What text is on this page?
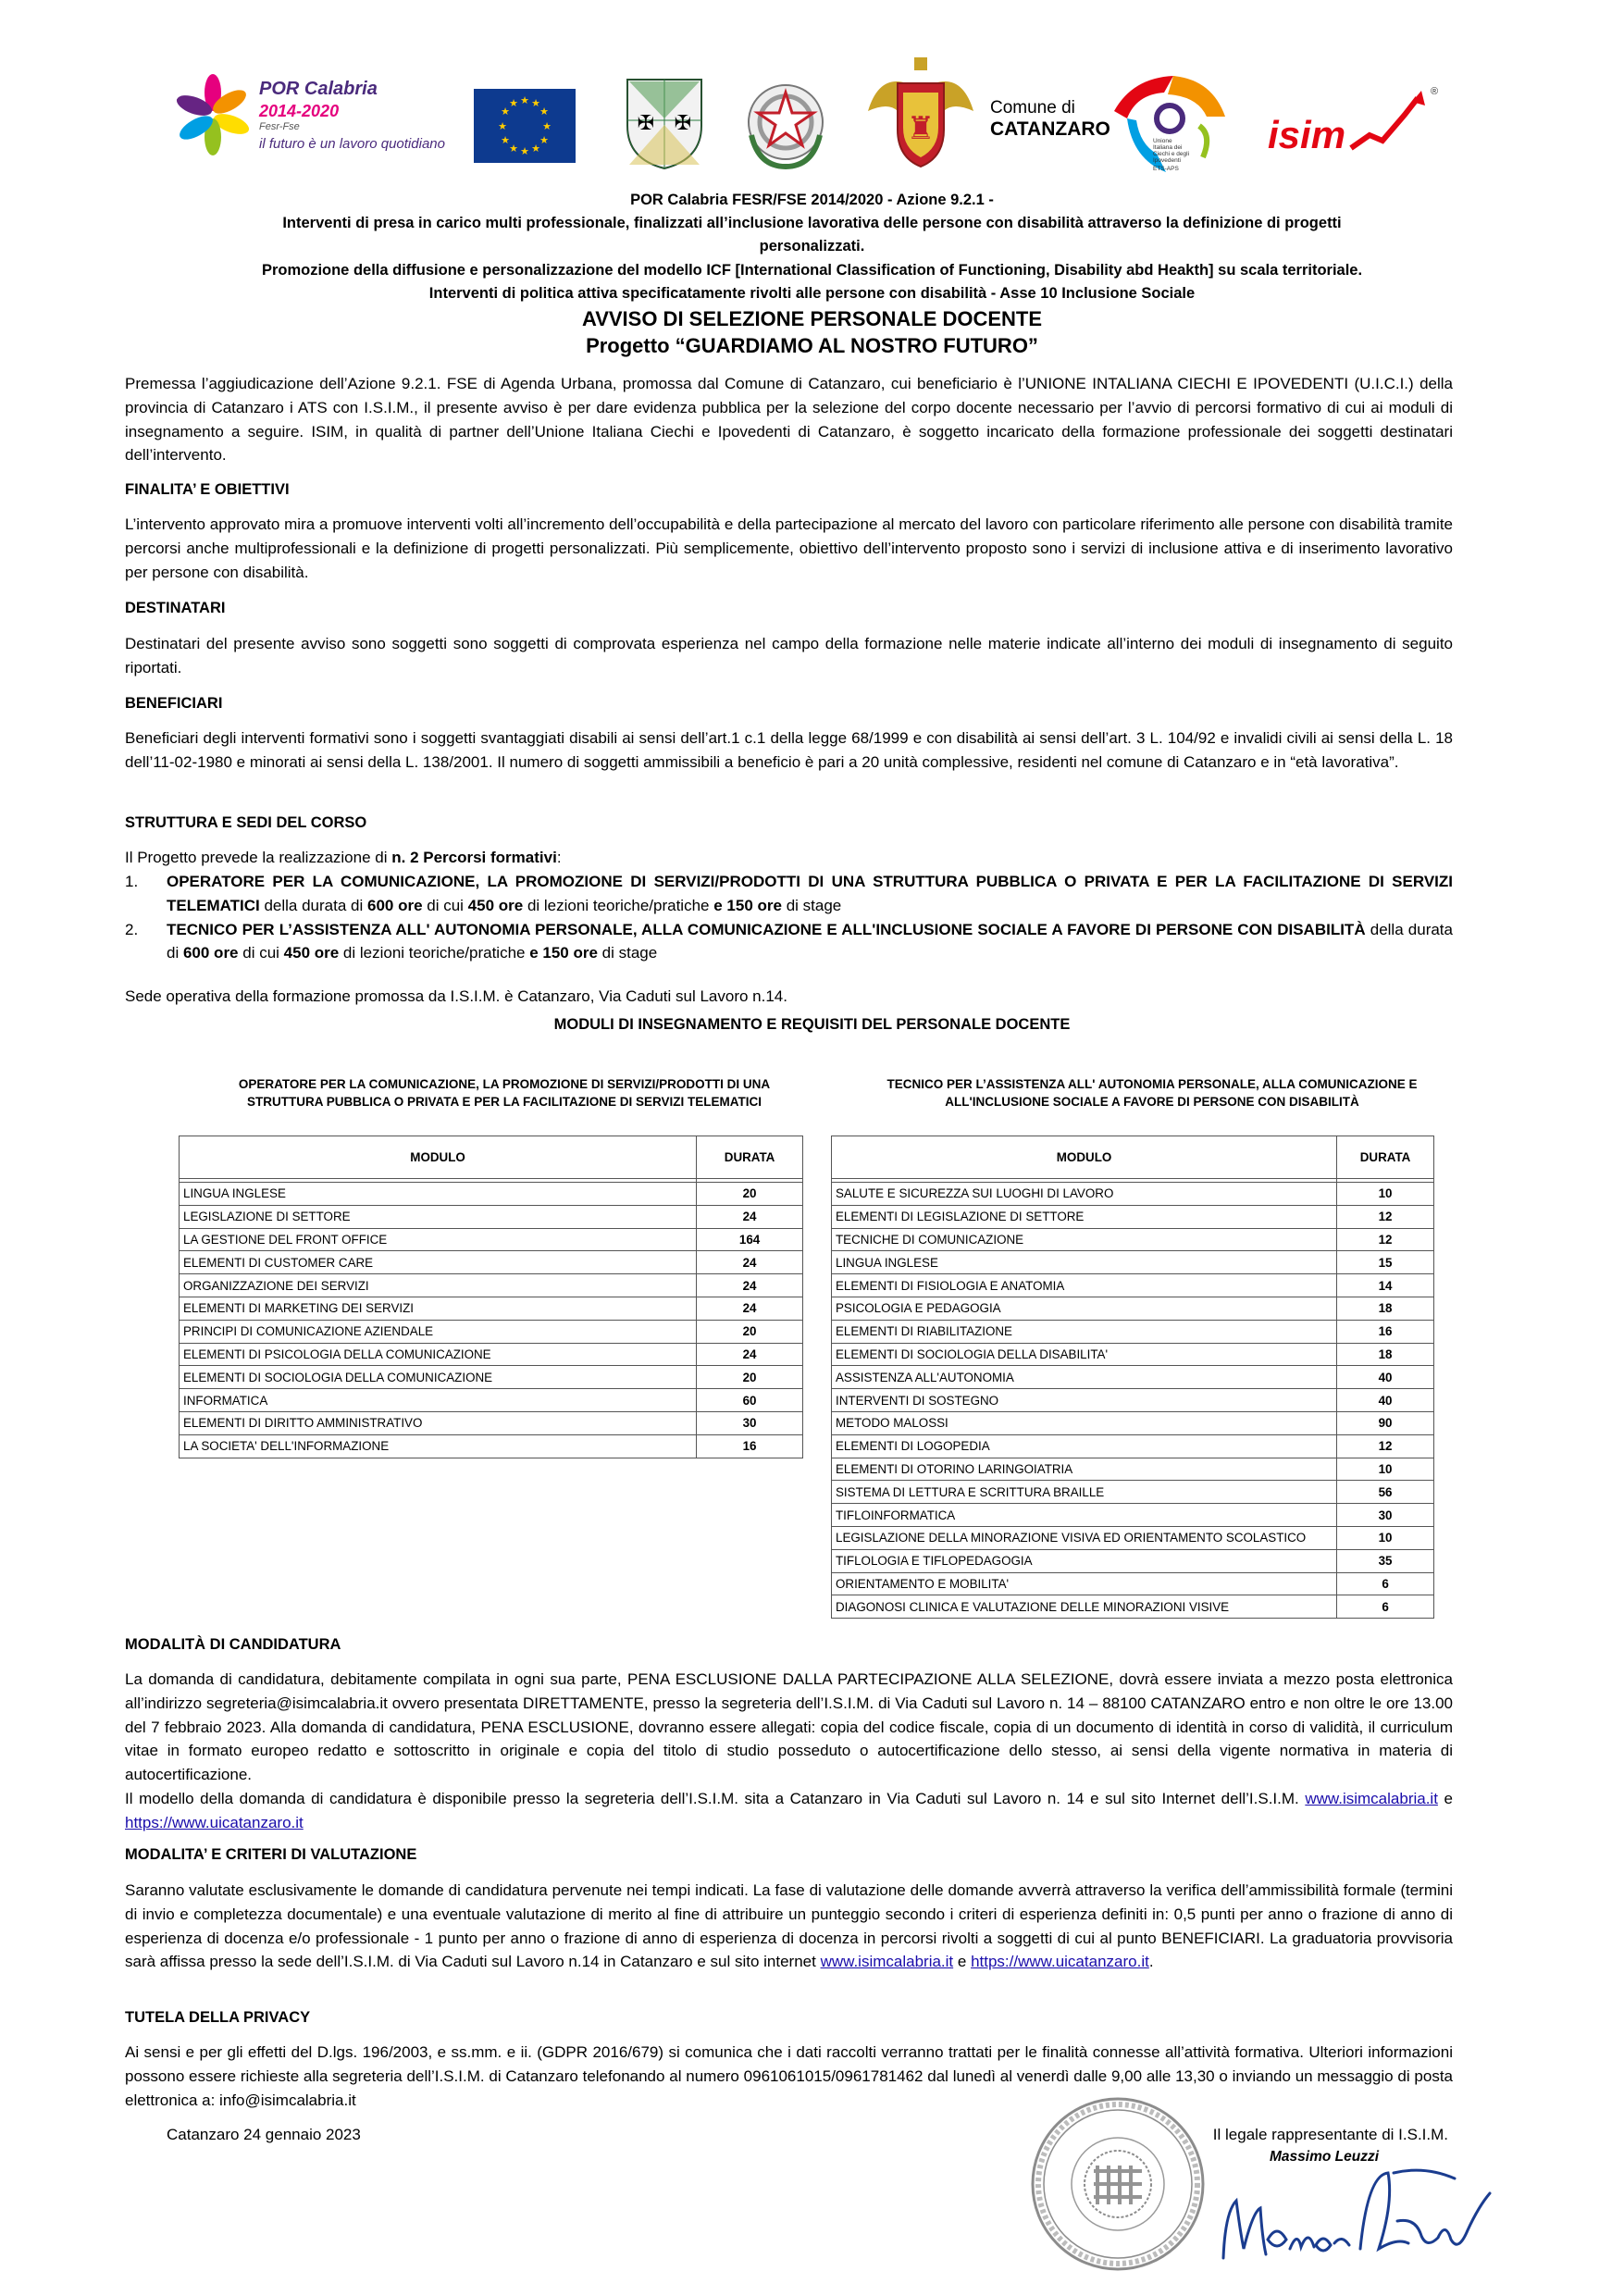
POR Calabria
2014-2020
Fesr-Fse
il futuro è un lavoro quotidiano
★ ★
★
★
★
★
★
★
★
★
★
★
✠ ✠	♜
Comune di
CATANZARO
Unione
Italiana dei
Ciechi e degli
Ipovedenti
ETS-APS
isim
®
POR Calabria FESR/FSE 2014/2020 - Azione 9.2.1 -
Interventi di presa in carico multi professionale, finalizzati all’inclusione lavorativa delle persone con disabilità attraverso la definizione di progetti
personalizzati.
Promozione della diffusione e personalizzazione del modello ICF [International Classification of Functioning, Disability abd Heakth] su scala territoriale.
Interventi di politica attiva specificatamente rivolti alle persone con disabilità - Asse 10 Inclusione Sociale
AVVISO DI SELEZIONE PERSONALE DOCENTE
Progetto “GUARDIAMO AL NOSTRO FUTURO”
Premessa l’aggiudicazione dell’Azione 9.2.1. FSE di Agenda Urbana, promossa dal Comune di Catanzaro, cui beneficiario è l’UNIONE INTALIANA CIECHI E IPOVEDENTI (U.I.C.I.) della provincia di Catanzaro i ATS con I.S.I.M., il presente avviso è per dare evidenza pubblica per la selezione del corpo docente necessario per l’avvio di percorsi formativo di cui ai moduli di insegnamento a seguire. ISIM, in qualità di partner dell’Unione Italiana Ciechi e Ipovedenti di Catanzaro, è soggetto incaricato della formazione professionale dei soggetti destinatari dell’intervento.
FINALITA’ E OBIETTIVI
L’intervento approvato mira a promuove interventi volti all’incremento dell’occupabilità e della partecipazione al mercato del lavoro con particolare riferimento alle persone con disabilità tramite percorsi anche multiprofessionali e la definizione di progetti personalizzati. Più semplicemente, obiettivo dell’intervento proposto sono i servizi di inclusione attiva e di inserimento lavorativo per persone con disabilità.
DESTINATARI
Destinatari del presente avviso sono soggetti sono soggetti di comprovata esperienza nel campo della formazione nelle materie indicate all’interno dei moduli di insegnamento di seguito riportati.
BENEFICIARI
Beneficiari degli interventi formativi sono i soggetti svantaggiati disabili ai sensi dell’art.1 c.1 della legge 68/1999 e con disabilità ai sensi dell’art. 3 L. 104/92 e invalidi civili ai sensi della L. 18 dell’11-02-1980 e minorati ai sensi della L. 138/2001. Il numero di soggetti ammissibili a beneficio è pari a 20 unità complessive, residenti nel comune di Catanzaro e in “età lavorativa”.
STRUTTURA E SEDI DEL CORSO
Il Progetto prevede la realizzazione di n. 2 Percorsi formativi:
1. OPERATORE PER LA COMUNICAZIONE, LA PROMOZIONE DI SERVIZI/PRODOTTI DI UNA STRUTTURA PUBBLICA O PRIVATA E PER LA FACILITAZIONE DI SERVIZI TELEMATICI della durata di 600 ore di cui 450 ore di lezioni teoriche/pratiche e 150 ore di stage
2. TECNICO PER L’ASSISTENZA ALL' AUTONOMIA PERSONALE, ALLA COMUNICAZIONE E ALL'INCLUSIONE SOCIALE A FAVORE DI PERSONE CON DISABILITÀ della durata di 600 ore di cui 450 ore di lezioni teoriche/pratiche e 150 ore di stage
Sede operativa della formazione promossa da I.S.I.M. è Catanzaro, Via Caduti sul Lavoro n.14.
MODULI DI INSEGNAMENTO E REQUISITI DEL PERSONALE DOCENTE
OPERATORE PER LA COMUNICAZIONE, LA PROMOZIONE DI SERVIZI/PRODOTTI DI UNA
STRUTTURA PUBBLICA O PRIVATA E PER LA FACILITAZIONE DI SERVIZI TELEMATICI
TECNICO PER L’ASSISTENZA ALL' AUTONOMIA PERSONALE, ALLA COMUNICAZIONE E
ALL'INCLUSIONE SOCIALE A FAVORE DI PERSONE CON DISABILITÀ
MODULO	DURATA

LINGUA INGLESE	20
LEGISLAZIONE DI SETTORE	24
LA GESTIONE DEL FRONT OFFICE	164
ELEMENTI DI CUSTOMER CARE	24
ORGANIZZAZIONE DEI SERVIZI	24
ELEMENTI DI MARKETING DEI SERVIZI	24
PRINCIPI DI COMUNICAZIONE AZIENDALE	20
ELEMENTI DI PSICOLOGIA DELLA COMUNICAZIONE	24
ELEMENTI DI SOCIOLOGIA DELLA COMUNICAZIONE	20
INFORMATICA	60
ELEMENTI DI DIRITTO AMMINISTRATIVO	30
LA SOCIETA' DELL'INFORMAZIONE	16
MODULO	DURATA

SALUTE E SICUREZZA SUI LUOGHI DI LAVORO	10
ELEMENTI DI LEGISLAZIONE DI SETTORE	12
TECNICHE DI COMUNICAZIONE	12
LINGUA INGLESE	15
ELEMENTI DI FISIOLOGIA E ANATOMIA	14
PSICOLOGIA E PEDAGOGIA	18
ELEMENTI DI RIABILITAZIONE	16
ELEMENTI DI SOCIOLOGIA DELLA DISABILITA'	18
ASSISTENZA ALL'AUTONOMIA	40
INTERVENTI DI SOSTEGNO	40
METODO MALOSSI	90
ELEMENTI DI LOGOPEDIA	12
ELEMENTI DI OTORINO LARINGOIATRIA	10
SISTEMA DI LETTURA E SCRITTURA BRAILLE	56
TIFLOINFORMATICA	30
LEGISLAZIONE DELLA MINORAZIONE VISIVA ED ORIENTAMENTO SCOLASTICO	10
TIFLOLOGIA E TIFLOPEDAGOGIA	35
ORIENTAMENTO E MOBILITA'	6
DIAGONOSI CLINICA E VALUTAZIONE DELLE MINORAZIONI VISIVE	6
MODALITÀ DI CANDIDATURA
La domanda di candidatura, debitamente compilata in ogni sua parte, PENA ESCLUSIONE DALLA PARTECIPAZIONE ALLA SELEZIONE, dovrà essere inviata a mezzo posta elettronica all’indirizzo segreteria@isimcalabria.it ovvero presentata DIRETTAMENTE, presso la segreteria dell’I.S.I.M. di Via Caduti sul Lavoro n. 14 – 88100 CATANZARO entro e non oltre le ore 13.00 del 7 febbraio 2023. Alla domanda di candidatura, PENA ESCLUSIONE, dovranno essere allegati: copia del codice fiscale, copia di un documento di identità in corso di validità, il curriculum vitae in formato europeo redatto e sottoscritto in originale e copia del titolo di studio posseduto o autocertificazione dello stesso, ai sensi della vigente normativa in materia di autocertificazione.
Il modello della domanda di candidatura è disponibile presso la segreteria dell’I.S.I.M. sita a Catanzaro in Via Caduti sul Lavoro n. 14 e sul sito Internet dell’I.S.I.M. www.isimcalabria.it e https://www.uicatanzaro.it
MODALITA’ E CRITERI DI VALUTAZIONE
Saranno valutate esclusivamente le domande di candidatura pervenute nei tempi indicati. La fase di valutazione delle domande avverrà attraverso la verifica dell’ammissibilità formale (termini di invio e completezza documentale) e una eventuale valutazione di merito al fine di attribuire un punteggio secondo i criteri di esperienza definiti in: 0,5 punti per anno o frazione di anno di esperienza di docenza e/o professionale - 1 punto per anno o frazione di anno di esperienza di docenza in percorsi rivolti a soggetti di cui al punto BENEFICIARI. La graduatoria provvisoria sarà affissa presso la sede dell’I.S.I.M. di Via Caduti sul Lavoro n.14 in Catanzaro e sul sito internet www.isimcalabria.it e https://www.uicatanzaro.it.
TUTELA DELLA PRIVACY
Ai sensi e per gli effetti del D.lgs. 196/2003, e ss.mm. e ii. (GDPR 2016/679) si comunica che i dati raccolti verranno trattati per le finalità connesse all’attività formativa. Ulteriori informazioni possono essere richieste alla segreteria dell’I.S.I.M. di Catanzaro telefonando al numero 0961061015/0961781462 dal lunedì al venerdì dalle 9,00 alle 13,30 o inviando un messaggio di posta elettronica a: info@isimcalabria.it
Catanzaro 24 gennaio 2023	Il legale rappresentante di I.S.I.M.
Massimo Leuzzi
